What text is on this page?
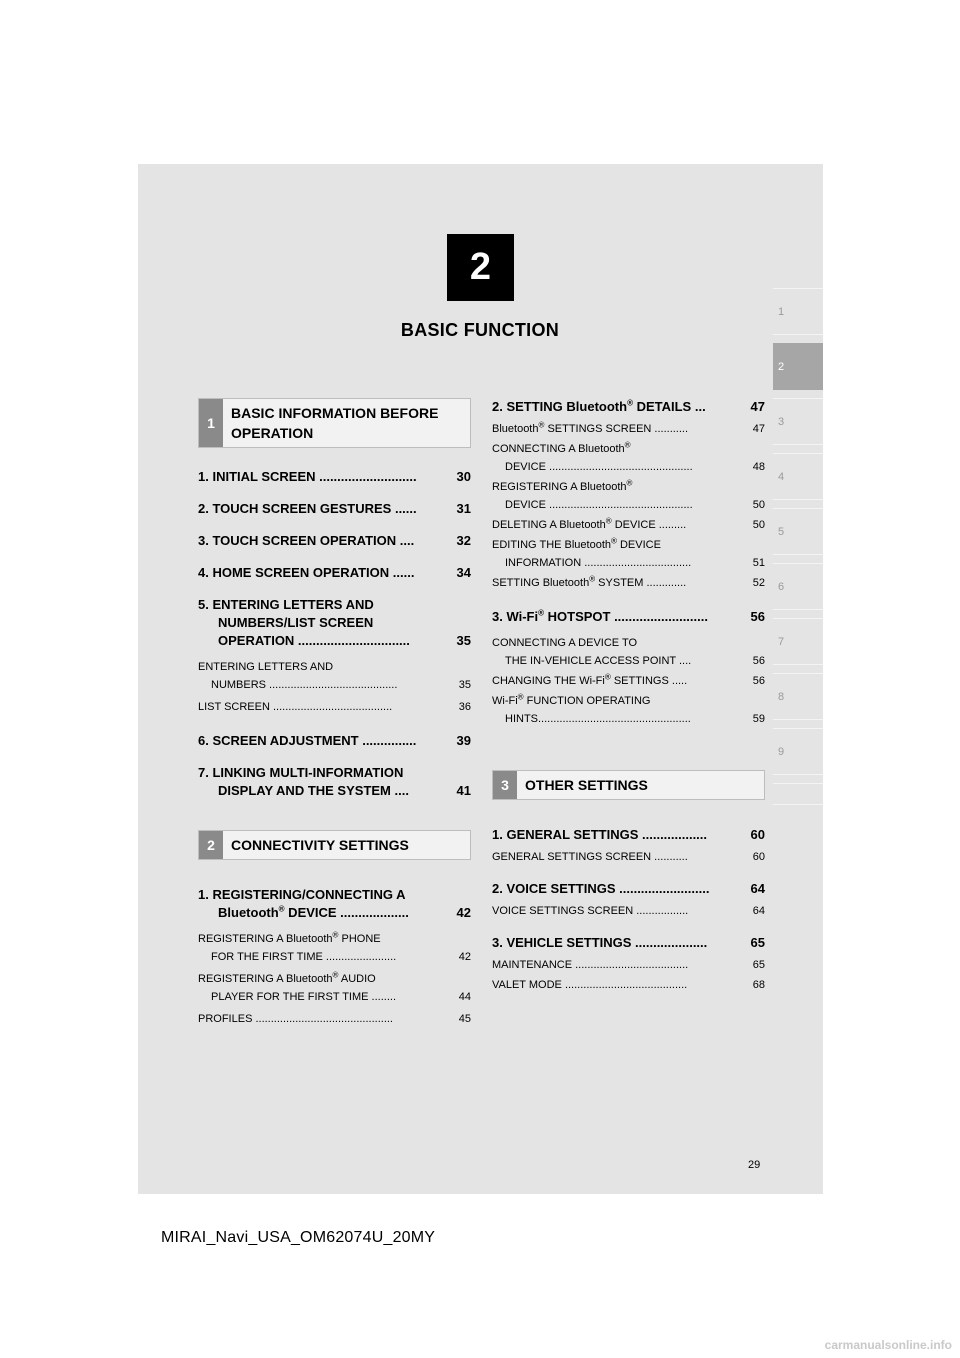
2
BASIC FUNCTION
1
2
3
4
5
6
7
8
9
1
BASIC INFORMATION BEFORE
OPERATION
1. INITIAL SCREEN ...........................	30
2. TOUCH SCREEN GESTURES ......	31
3. TOUCH SCREEN OPERATION ....	32
4. HOME SCREEN OPERATION ......	34
5. ENTERING LETTERS AND
NUMBERS/LIST SCREEN
OPERATION ...............................	35
ENTERING LETTERS AND
NUMBERS ..........................................	35
LIST SCREEN .......................................	36
6. SCREEN ADJUSTMENT ...............	39
7. LINKING MULTI-INFORMATION
DISPLAY AND THE SYSTEM ....	41
2	CONNECTIVITY SETTINGS
1. REGISTERING/CONNECTING A
Bluetooth® DEVICE ...................	42
REGISTERING A Bluetooth® PHONE
FOR THE FIRST TIME .......................	42
REGISTERING A Bluetooth® AUDIO
PLAYER FOR THE FIRST TIME ........	44
PROFILES .............................................	45
2. SETTING Bluetooth® DETAILS ...	47
Bluetooth® SETTINGS SCREEN ...........	47
CONNECTING A Bluetooth®
DEVICE ...............................................	48
REGISTERING A Bluetooth®
DEVICE ...............................................	50
DELETING A Bluetooth® DEVICE .........	50
EDITING THE Bluetooth® DEVICE
INFORMATION ...................................	51
SETTING Bluetooth® SYSTEM .............	52
3. Wi-Fi® HOTSPOT ..........................	56
CONNECTING A DEVICE TO
THE IN-VEHICLE ACCESS POINT ....	56
CHANGING THE Wi-Fi® SETTINGS .....	56
Wi-Fi® FUNCTION OPERATING
HINTS..................................................	59
3	OTHER SETTINGS
1. GENERAL SETTINGS ..................	60
GENERAL SETTINGS SCREEN ...........	60
2. VOICE SETTINGS .........................	64
VOICE SETTINGS SCREEN .................	64
3. VEHICLE SETTINGS ....................	65
MAINTENANCE .....................................	65
VALET MODE ........................................	68
29
MIRAI_Navi_USA_OM62074U_20MY
carmanualsonline.info
